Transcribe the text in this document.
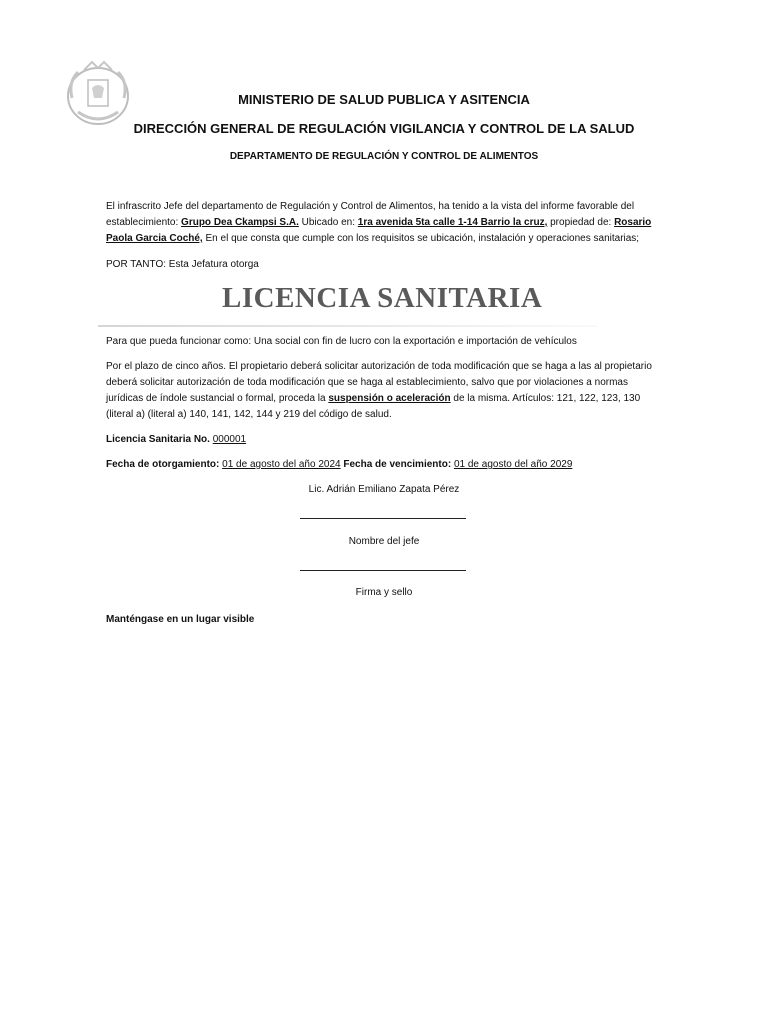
MINISTERIO DE SALUD PUBLICA Y ASITENCIA
DIRECCIÓN GENERAL DE REGULACIÓN VIGILANCIA Y CONTROL DE LA SALUD
DEPARTAMENTO DE REGULACIÓN Y CONTROL DE ALIMENTOS
El infrascrito Jefe del departamento de Regulación y Control de Alimentos, ha tenido a la vista del informe favorable del establecimiento: Grupo Dea Ckampsi S.A. Ubicado en: 1ra avenida 5ta calle 1-14 Barrio la cruz, propiedad de: Rosario Paola Garcia Coché, En el que consta que cumple con los requisitos se ubicación, instalación y operaciones sanitarias;
POR TANTO: Esta Jefatura otorga
LICENCIA SANITARIA
Para que pueda funcionar como: Una social con fin de lucro con la exportación e importación de vehículos
Por el plazo de cinco años. El propietario deberá solicitar autorización de toda modificación que se haga a las al propietario deberá solicitar autorización de toda modificación que se haga al establecimiento, salvo que por violaciones a normas jurídicas de índole sustancial o formal, proceda la suspensión o aceleración de la misma. Artículos: 121, 122, 123, 130 (literal a) (literal a) 140, 141, 142, 144 y 219 del código de salud.
Licencia Sanitaria No. 000001
Fecha de otorgamiento: 01 de agosto del año 2024 Fecha de vencimiento: 01 de agosto del año 2029
Lic. Adrián Emiliano Zapata Pérez
Nombre del jefe
Firma y sello
Manténgase en un lugar visible
